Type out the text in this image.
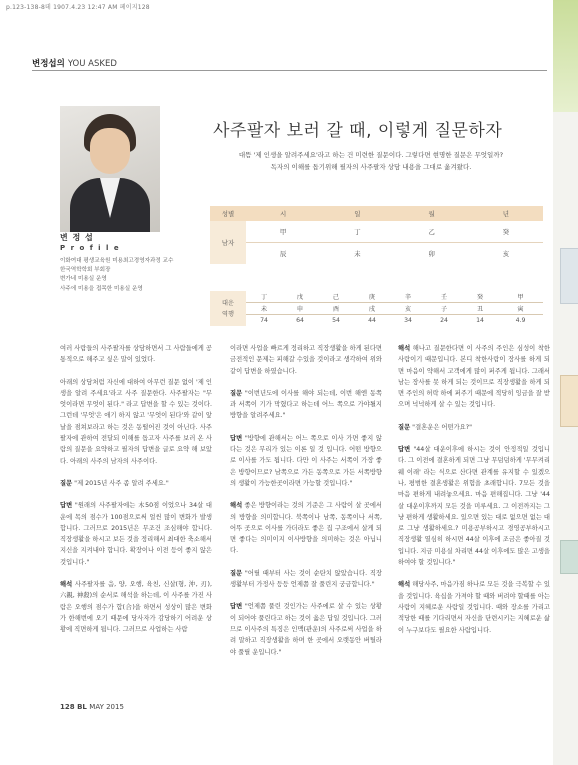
p.123-138-8데 1907.4.23 12:47 AM 페이지128
변정섭의 YOU ASKED
변 정 섭
P r o f i l e
이화여대 평생교육원 미용최고경영자과정 교수
한국역학학회 부회장
변가네 미용실 운영
사주에 미용을 접목한 미용실 운영
사주팔자 보러 갈 때, 이렇게 질문하자
대뜸 '제 인생을 알려주세요'라고 하는 건 미련한 질문이다. 그렇다면 현명한 질문은 무엇일까?
독자의 이해를 돕기위해 필자의 사주팔자 상담 내용을 그대로 옮겨왔다.
성별	시	일	월	년
남자	甲	丁	乙	癸
	辰	未	卯	亥
대운
역행	丁	戊	己	庚	辛	壬	癸	甲
	未	申	酉	戌	亥	子	丑	寅
	74	64	54	44	34	24	14	4.9

여러 사람들의 사주팔자를 상담하면서 그 사람들에게 공통적으로 해주고 싶은 말이 있었다.

아래의 상담처럼 자신에 대하여 아무런 질문 없이 '제 인생을 알려 주세요'라고 사주 질문한다. 사주팔자는 "무엇이라면 무엇이 된다." 라고 답변을 할 수 있는 것이다. 그런데 '무엇'은 애기 하지 않고 '무엇이 된다'와 같이 앞날을 점쳐보라고 하는 것은 동떨어진 것이 아닌다. 사주팔자에 관하여 전달되 이해를 돕고자 사주를 보러 온 사람의 질문을 요약하고 필자의 답변을 글로 요약 해 보았다. 아래의 사주의 남자의 사주이다.

질문 "제 2015년 사주 좀 알려 주세요."

답변 "원래의 사주팔자에는 木50점 이었으나 34살 대운에 목의 점수가 100점으로써 얼씬 많이 변화가 발생합니다. 그러므로 2015년은 무조건 조심해야 합니다. 직장생활을 하시고 보든 것을 정리해서 최대한 축소해서 지신을 지켜내야 합니다. 확장이나 이전 등이 좋지 않은 것입니다."

해석 사주팔자를 음, 양, 오행, 육친, 신살(형, 沖, 刃), 六親, 神殺)의 순서로 해석을 하는데, 이 사주를 가진 사람은 오행의 점수가 합(合)을 하면서 성상이 많은 변화가 한해번에 오기 때문에 당사자가 감당하기 어려운 상황에 직면하게 됩니다. 그러므로 사업하는 사람

이라면 사업을 빠르게 정리하고 직장생활을 하게 된다면 금전적인 문제는 피해갈 수있을 것이라고 생각하여 위와 같이 답변을 하였습니다.

질문 "이번년도에 이사를 해야 되는데, 이번 해엔 동쪽과 서쪽이 기가 막혔다고 하는데 어느 쪽으로 가야될지 방향을 알려주세요."

답변 "방향에 관해서는 어느 쪽으로 이사 가면 좋지 않다는 것은 무리가 있는 이론 일 것 입니다. 어떤 방향으로 이사를 가도 됩니다. 다만 이 사주는 서쪽이 가장 좋은 방향이므로? 남쪽으로 가든 동쪽으로 가든 서쪽방향의 생활이 가능한곳이라면 가능할 것입니다."

해석 좋은 방향이라는 것의 기준은 그 사람이 살 곳에서의 방향을 의미합니다. 북쪽이나 남쪽, 동쪽이나 서쪽, 어뚜 곳으로 이사를 가더라도 좋은 집 구조에서 살게 되면 좋다는 의미이지 이사방향을 의미하는 것은 아닙니다.

질문 "어릴 때부터 사는 것이 순탄치 않았습니다. 직장생활부터 가정사 등등 언제쯤 잘 풀린지 궁금합니다."

답변 "언제쯤 풀린 것인가는 사주에로 살 수 있는 상황이 되어야 풀린다고 하는 것이 옳은 답일 것입니다. 그러므로 이사주의 특징은 인맥(관운)의 사주로써 사업을 하려 말하고 직장생활을 하며 한 곳에서 오랫동안 버틸라야 풀릴 운입니다."

해석 해나고 질문한다면 이 사주의 주인은 심성이 착한 사람이기 때문입니다. 본디 착한사람이 장사를 하게 되면 마음이 약해서 고객에게 많이 퍼주게 됩니다. 그래서 남는 장사를 못 하게 되는 것이므로 직장생활을 하게 되면 주인의 허락 하에 퍼주기 때문에 적당히 잉금을 잘 받으며 넉넉하게 살 수 있는 것입니다.

질문 "결혼운은 어떤가요?"

답변 "44살 대운이후에 하시는 것이 안정적일 것입니다. 그 이전에 결혼하게 되면 그냥 무덤덤하게 '무무켜리 웨 이래' 라는 식으로 산다면 관계를 유지할 수 있겠으나, 평범한 결혼생활은 위험을 초래합니다. 7모든 것을 마음 편하게 내려놓으세요. 마음 편해집니다. 그냥 '44살 대운이후까지 모든 것을 미루세요. 그 이전까지는 그냥 편하게 생활하세요. 있으면 있는 대로 없으면 없는 대로 그냥 생활하세요.? 미용공부하시고 경영공부하시고 직장생활 열심히 하시면 44살 이후에 조금은 좋아질 것입니다. 지금 미용실 차리면 44살 이후에도 많은 고생을 하여야 할 것입니다."

해석 해당사주, 마음가짐 하나로 모든 것을 극복할 수 있을 것입니다. 육십을 가져야 할 때와 버려야 할때를 아는 사람이 지혜로운 사람일 것입니다. 때와 장소를 가리고 적당한 때를 기다리면서 자신을 단련시키는 지혜로운 삶이 누구보다도 필요한 사람입니다.

128 BL MAY 2015
